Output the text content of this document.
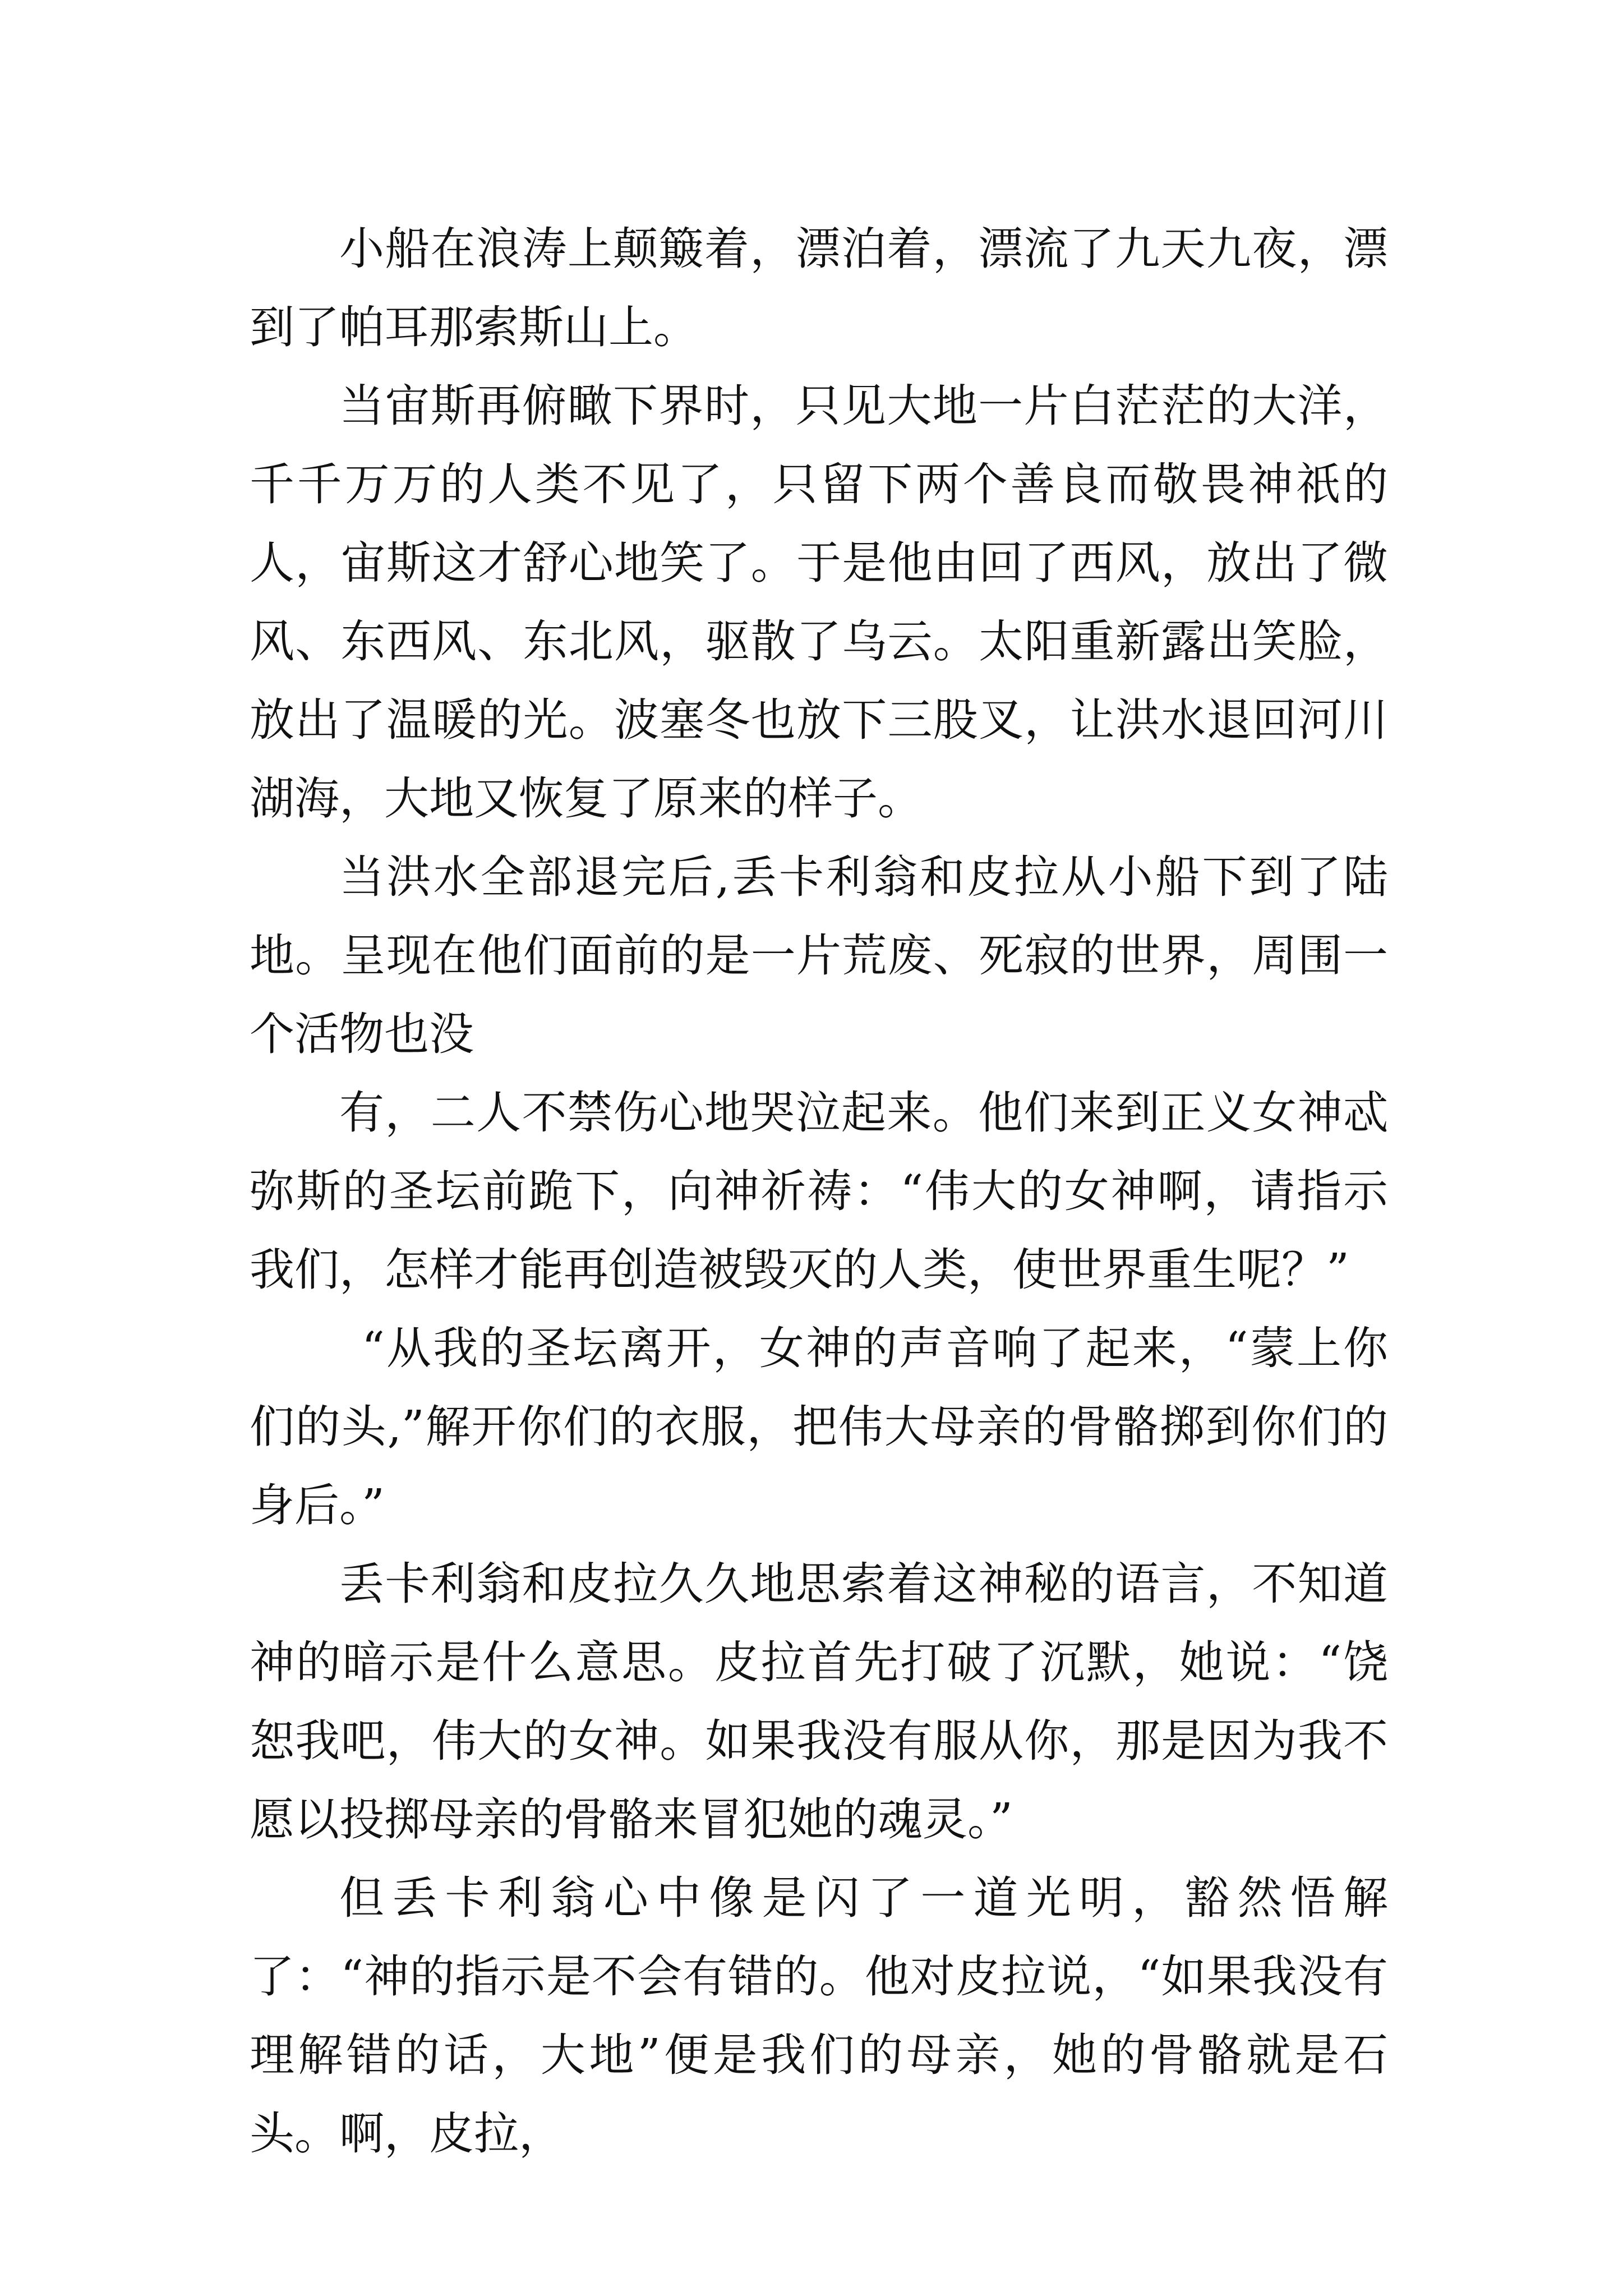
小船在浪涛上颠簸着，漂泊着，漂流了九天九夜，漂到了帕耳那索斯山上。

当宙斯再俯瞰下界时，只见大地一片白茫茫的大洋，千千万万的人类不见了，只留下两个善良而敬畏神祇的人，宙斯这才舒心地笑了。于是他由回了西风，放出了微风、东西风、东北风，驱散了乌云。太阳重新露出笑脸，放出了温暖的光。波塞冬也放下三股叉，让洪水退回河川湖海，大地又恢复了原来的样子。

当洪水全部退完后,丢卡利翁和皮拉从小船下到了陆地。呈现在他们面前的是一片荒废、死寂的世界，周围一个活物也没

有，二人不禁伤心地哭泣起来。他们来到正义女神忒弥斯的圣坛前跪下，向神祈祷：“伟大的女神啊，请指示我们，怎样才能再创造被毁灭的人类，使世界重生呢？”

“从我的圣坛离开，女神的声音响了起来，“蒙上你们的头,”解开你们的衣服，把伟大母亲的骨骼掷到你们的身后。”

丢卡利翁和皮拉久久地思索着这神秘的语言，不知道神的暗示是什么意思。皮拉首先打破了沉默，她说：“饶恕我吧，伟大的女神。如果我没有服从你，那是因为我不愿以投掷母亲的骨骼来冒犯她的魂灵。”

但丢卡利翁心中像是闪了一道光明，豁然悟解了：“神的指示是不会有错的。他对皮拉说，“如果我没有理解错的话，大地”便是我们的母亲，她的骨骼就是石头。啊，皮拉，
